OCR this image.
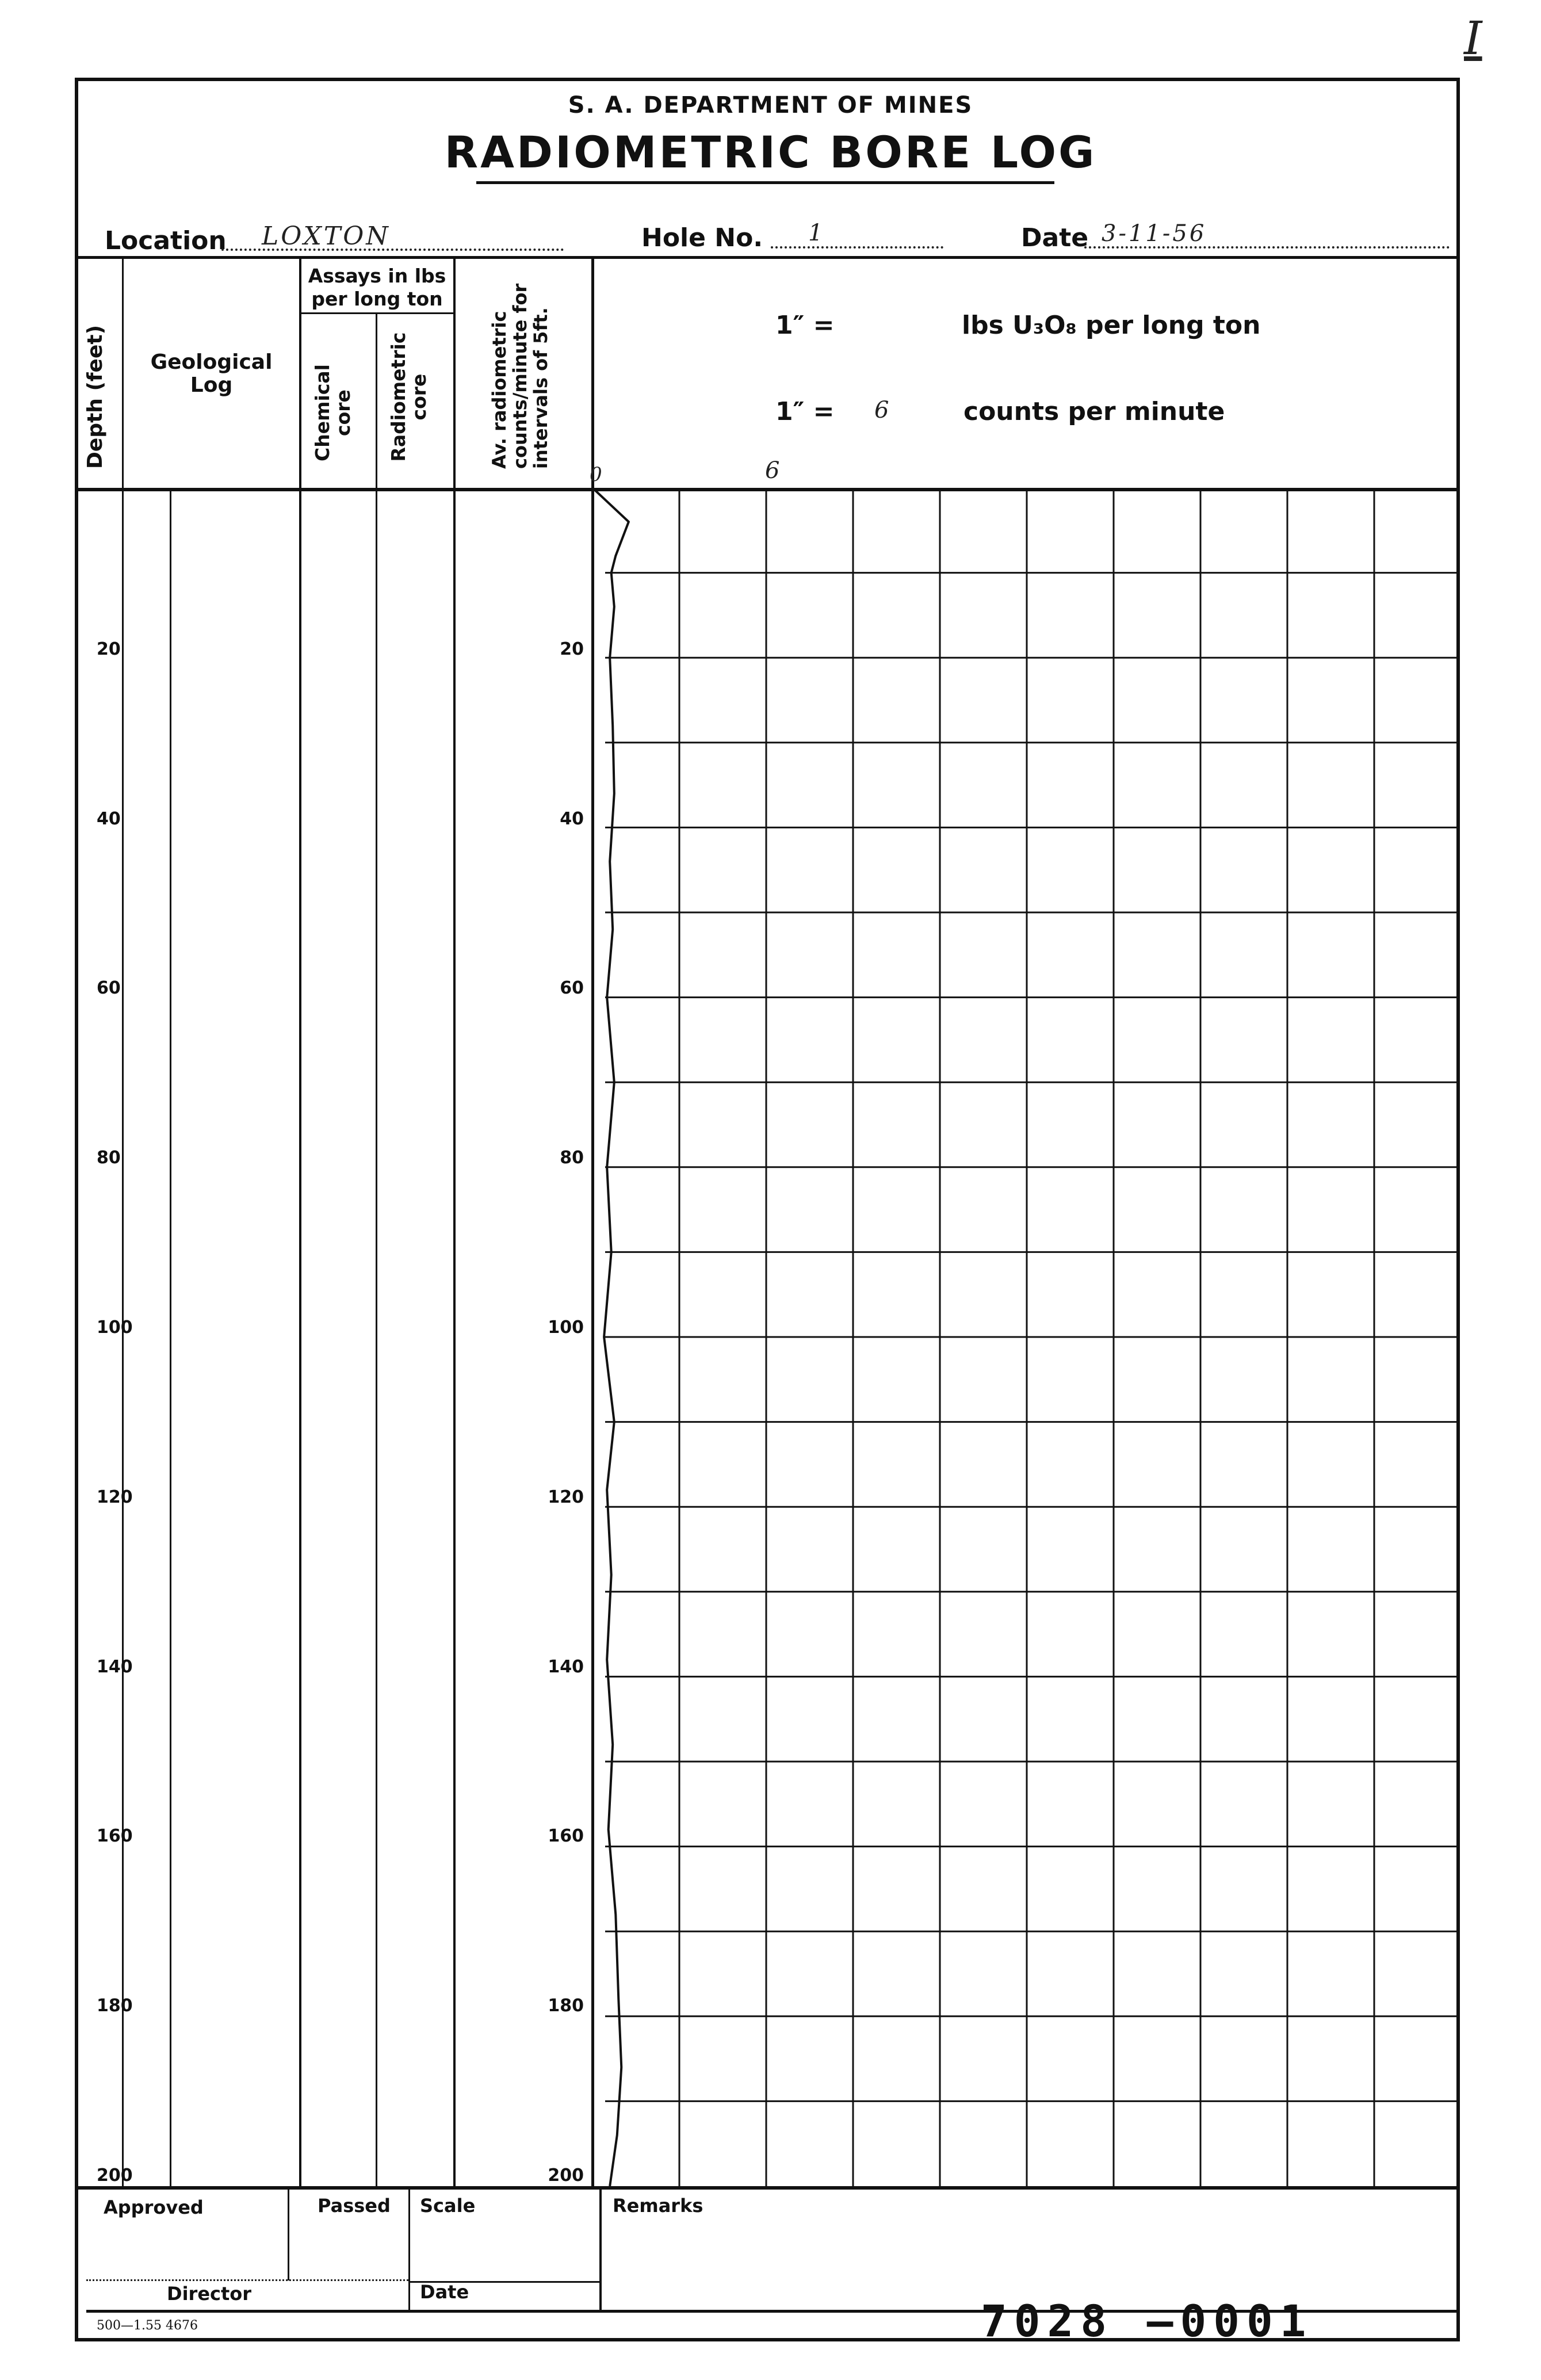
I
S. A. DEPARTMENT OF MINES
RADIOMETRIC BORE LOG
Location LOXTON	Hole No. 1	Date 3-11-56
Depth (feet)	Geological Log
Assays in lbs per long ton
Chemical core Radiometric core	Av. radiometric counts/minute for intervals of 5ft.	1″ =	lbs U₃O₈ per long ton
1″ = 6	counts per minute
0	6
20
40
60
80
100
120
140
160
180
200
20
40
60
80
100
120
140
160
180
200
Approved
Director
Passed Scale
Date
Remarks
500—1.55 4676	7028 —0001
